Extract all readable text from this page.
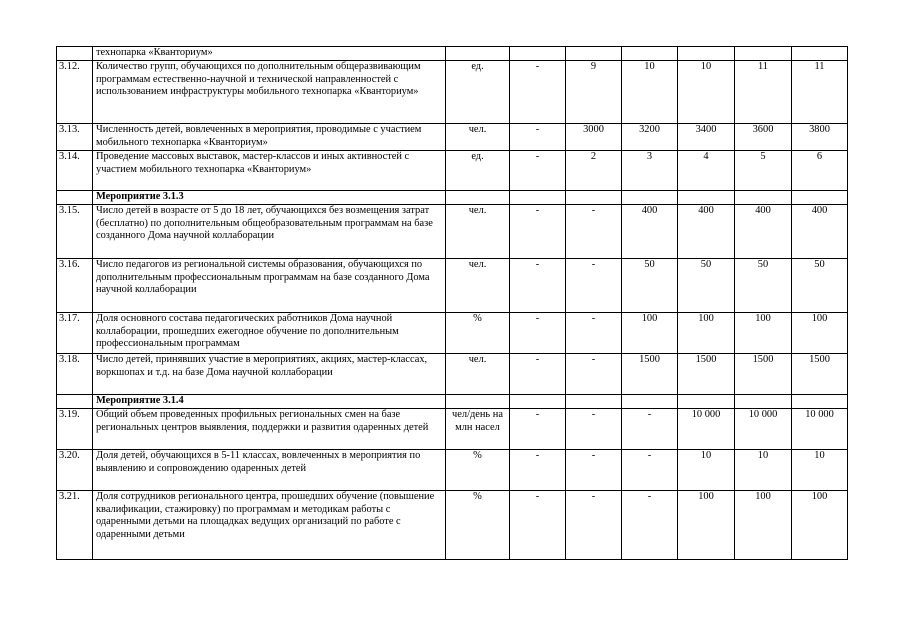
	технопарка «Кванториум»							
3.12.	Количество групп, обучающихся по дополнительным общеразвивающим программам естественно-научной и технической направленностей с использованием инфраструктуры мобильного технопарка «Кванториум»	ед.	-	9	10	10	11	11
3.13.	Численность детей, вовлеченных в мероприятия, проводимые с участием мобильного технопарка «Кванториум»	чел.	-	3000	3200	3400	3600	3800
3.14.	Проведение массовых выставок, мастер-классов и иных активностей с участием мобильного технопарка «Кванториум»	ед.	-	2	3	4	5	6
	Мероприятие 3.1.3							
3.15.	Число детей в возрасте от 5 до 18 лет, обучающихся без возмещения затрат (бесплатно) по дополнительным общеобразовательным программам на базе созданного Дома научной коллаборации	чел.	-	-	400	400	400	400
3.16.	Число педагогов из региональной системы образования, обучающихся по дополнительным профессиональным программам на базе созданного Дома научной коллаборации	чел.	-	-	50	50	50	50
3.17.	Доля основного состава педагогических работников Дома научной коллаборации, прошедших ежегодное обучение по дополнительным профессиональным программам	%	-	-	100	100	100	100
3.18.	Число детей, принявших участие в мероприятиях, акциях, мастер-классах, воркшопах и т.д. на базе Дома научной коллаборации	чел.	-	-	1500	1500	1500	1500
	Мероприятие 3.1.4							
3.19.	Общий объем проведенных профильных региональных смен на базе региональных центров выявления, поддержки и развития одаренных детей	чел/день на млн насел	-	-	-	10 000	10 000	10 000
3.20.	Доля детей, обучающихся в 5-11 классах, вовлеченных в мероприятия по выявлению и сопровождению одаренных детей	%	-	-	-	10	10	10
3.21.	Доля сотрудников регионального центра, прошедших обучение (повышение квалификации, стажировку) по программам и методикам работы с одаренными детьми на площадках ведущих организаций по работе с одаренными детьми	%	-	-	-	100	100	100
